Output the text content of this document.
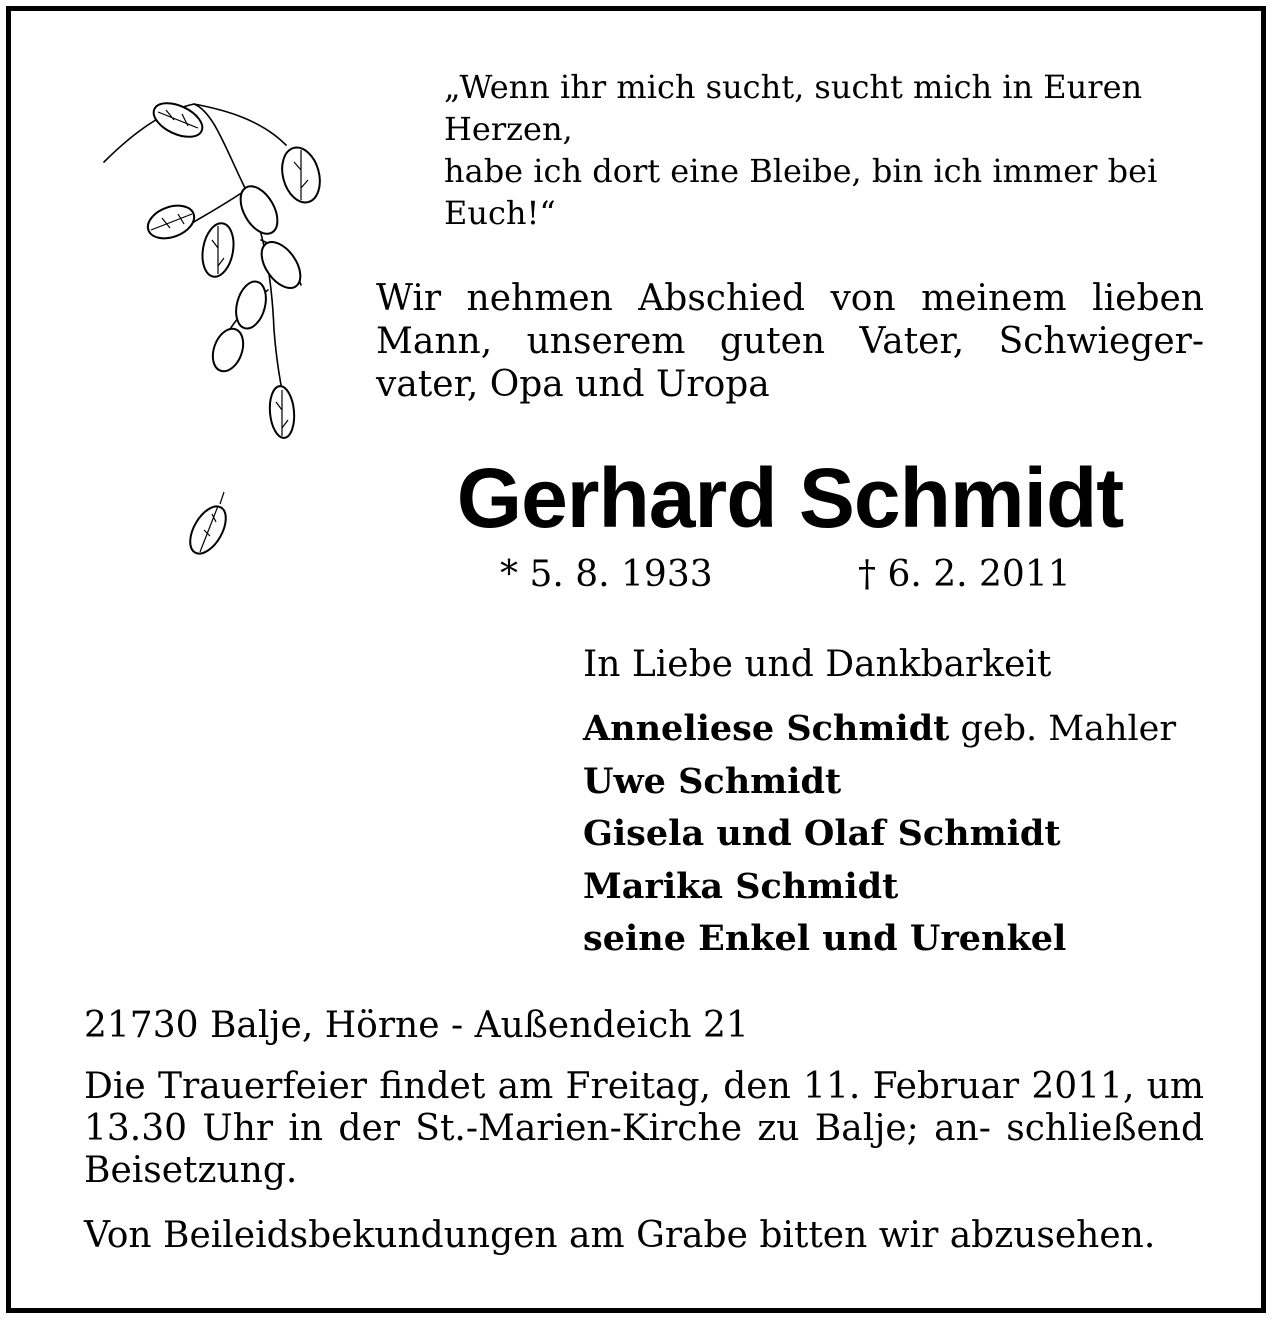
„Wenn ihr mich sucht, sucht mich in Euren
Herzen,
habe ich dort eine Bleibe, bin ich immer bei
Euch!“
Wir nehmen Abschied von meinem lieben Mann, unserem guten Vater, Schwieger- vater, Opa und Uropa
Gerhard Schmidt
* 5. 8. 1933	† 6. 2. 2011
In Liebe und Dankbarkeit
Anneliese Schmidt geb. Mahler
Uwe Schmidt
Gisela und Olaf Schmidt
Marika Schmidt
seine Enkel und Urenkel
21730 Balje, Hörne - Außendeich 21
Die Trauerfeier findet am Freitag, den 11. Februar 2011, um 13.30 Uhr in der St.-Marien-Kirche zu Balje; an- schließend Beisetzung.
Von Beileidsbekundungen am Grabe bitten wir abzusehen.
